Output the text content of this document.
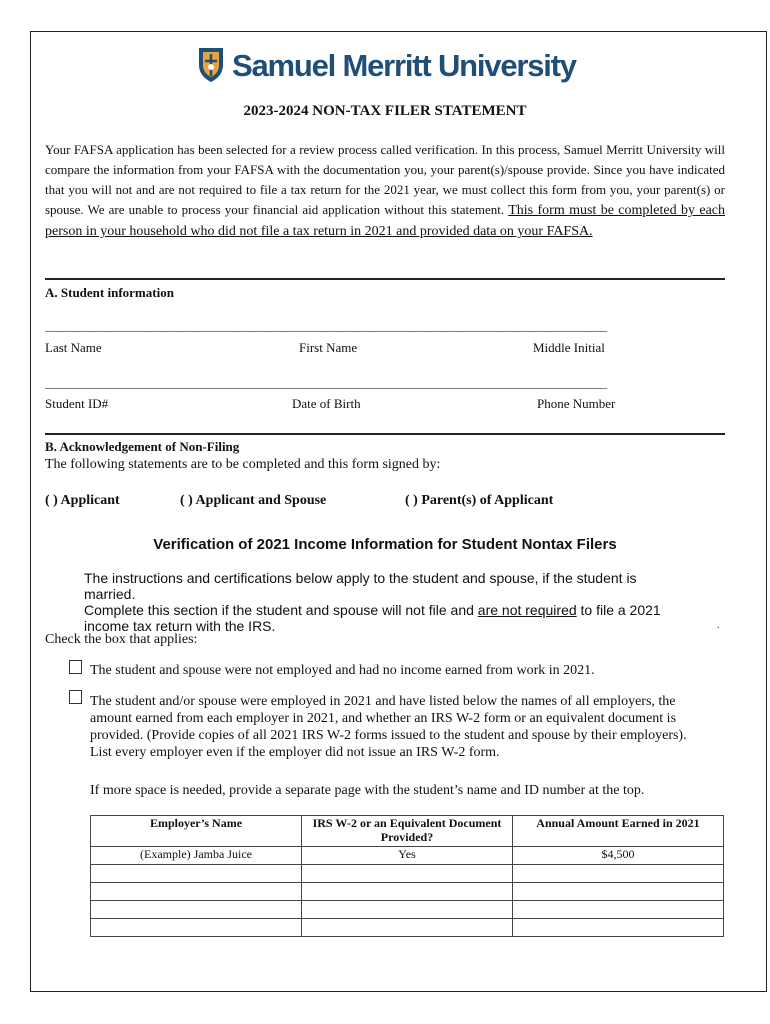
Samuel Merritt University
2023-2024 NON-TAX FILER STATEMENT
Your FAFSA application has been selected for a review process called verification. In this process, Samuel Merritt University will compare the information from your FAFSA with the documentation you, your parent(s)/spouse provide. Since you have indicated that you will not and are not required to file a tax return for the 2021 year, we must collect this form from you, your parent(s) or spouse. We are unable to process your financial aid application without this statement. This form must be completed by each person in your household who did not file a tax return in 2021 and provided data on your FAFSA.
A. Student information
______________________________________________________________________________________________________
Last Name	First Name	Middle Initial
______________________________________________________________________________________________________
Student ID#	Date of Birth	Phone Number
B. Acknowledgement of Non-Filing
The following statements are to be completed and this form signed by:
( ) Applicant	( ) Applicant and Spouse	( ) Parent(s) of Applicant
Verification of 2021 Income Information for Student Nontax Filers
The instructions and certifications below apply to the student and spouse, if the student is married.
Complete this section if the student and spouse will not file and are not required to file a 2021 income tax return with the IRS.	.
Check the box that applies:
The student and spouse were not employed and had no income earned from work in 2021.
The student and/or spouse were employed in 2021 and have listed below the names of all employers, the amount earned from each employer in 2021, and whether an IRS W-2 form or an equivalent document is provided. (Provide copies of all 2021 IRS W-2 forms issued to the student and spouse by their employers). List every employer even if the employer did not issue an IRS W-2 form.
If more space is needed, provide a separate page with the student’s name and ID number at the top.
Employer’s Name	IRS W-2 or an Equivalent Document Provided?	Annual Amount Earned in 2021
(Example) Jamba Juice	Yes	$4,500
